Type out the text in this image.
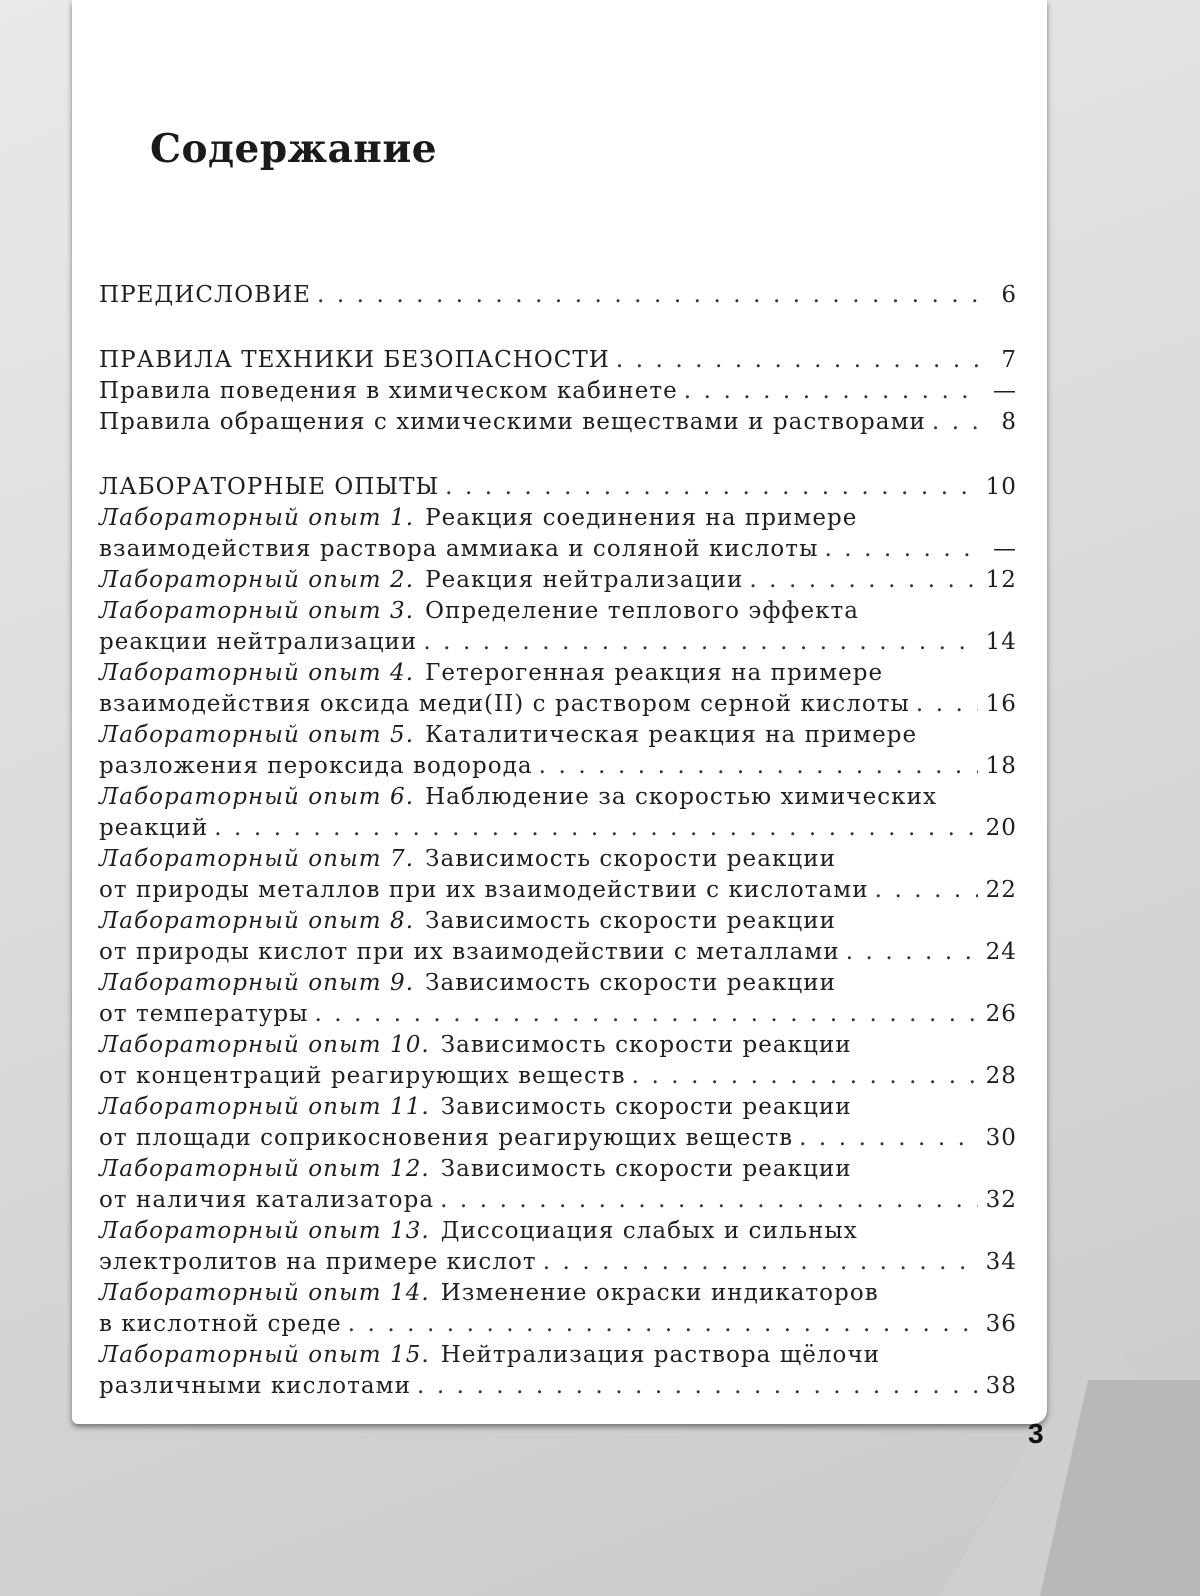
Содержание
ПРЕДИСЛОВИЕ . . .	6
ПРАВИЛА ТЕХНИКИ БЕЗОПАСНОСТИ . . .	7
Правила поведения в химическом кабинете . . .	—
Правила обращения с химическими веществами и растворами . . .	8
ЛАБОРАТОРНЫЕ ОПЫТЫ . . .	10
Лабораторный опыт 1. Реакция соединения на примере
взаимодействия раствора аммиака и соляной кислоты . . .	—
Лабораторный опыт 2. Реакция нейтрализации . . .	12
Лабораторный опыт 3. Определение теплового эффекта
реакции нейтрализации . . .	14
Лабораторный опыт 4. Гетерогенная реакция на примере
взаимодействия оксида меди(II) с раствором серной кислоты . . .	16
Лабораторный опыт 5. Каталитическая реакция на примере
разложения пероксида водорода . . .	18
Лабораторный опыт 6. Наблюдение за скоростью химических
реакций . . .	20
Лабораторный опыт 7. Зависимость скорости реакции
от природы металлов при их взаимодействии с кислотами . . .	22
Лабораторный опыт 8. Зависимость скорости реакции
от природы кислот при их взаимодействии с металлами . . .	24
Лабораторный опыт 9. Зависимость скорости реакции
от температуры . . .	26
Лабораторный опыт 10. Зависимость скорости реакции
от концентраций реагирующих веществ . . .	28
Лабораторный опыт 11. Зависимость скорости реакции
от площади соприкосновения реагирующих веществ . . .	30
Лабораторный опыт 12. Зависимость скорости реакции
от наличия катализатора . . .	32
Лабораторный опыт 13. Диссоциация слабых и сильных
электролитов на примере кислот . . .	34
Лабораторный опыт 14. Изменение окраски индикаторов
в кислотной среде . . .	36
Лабораторный опыт 15. Нейтрализация раствора щёлочи
различными кислотами . . .	38
3
